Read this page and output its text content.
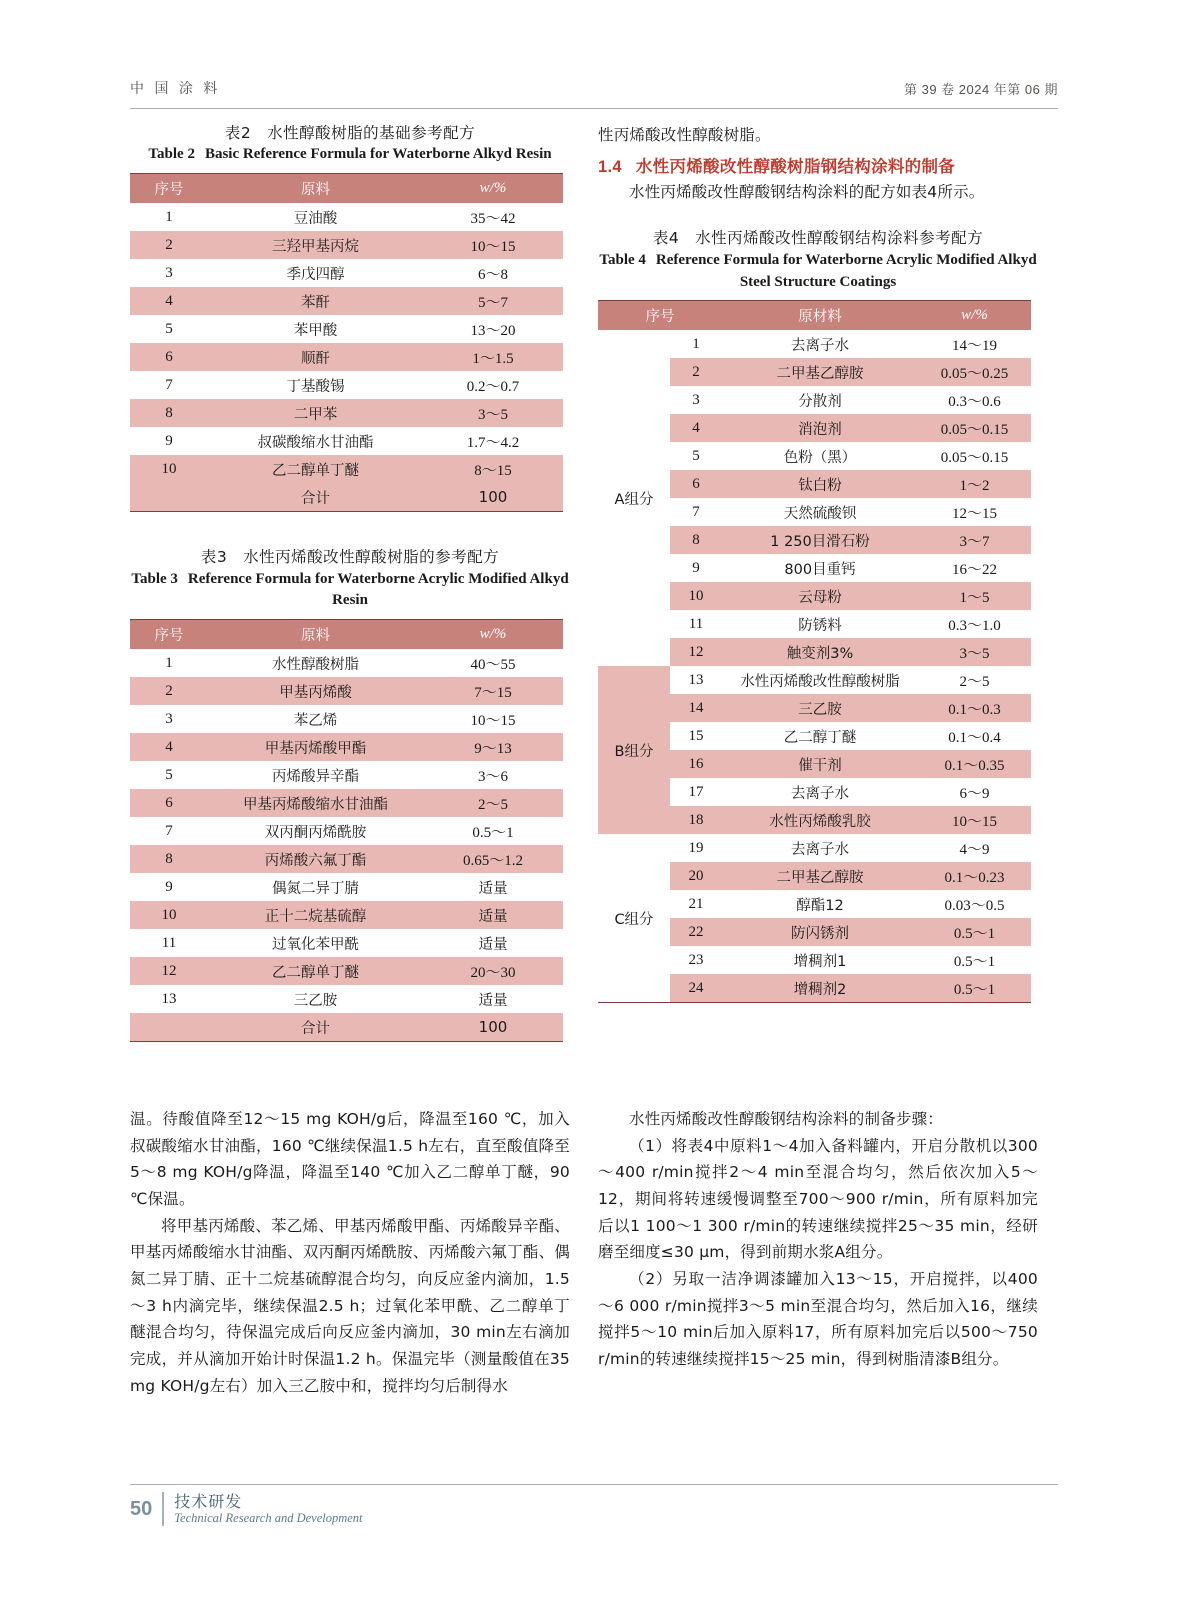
中 国 涂 料	第 39 卷 2024 年第 06 期
表2　水性醇酸树脂的基础参考配方
Table 2 Basic Reference Formula for Waterborne Alkyd Resin
序号	原料	w/%
1	豆油酸	35～42
2	三羟甲基丙烷	10～15
3	季戊四醇	6～8
4	苯酐	5～7
5	苯甲酸	13～20
6	顺酐	1～1.5
7	丁基酸锡	0.2～0.7
8	二甲苯	3～5
9	叔碳酸缩水甘油酯	1.7～4.2
10	乙二醇单丁醚	8～15
	合计	100
表3　水性丙烯酸改性醇酸树脂的参考配方
Table 3 Reference Formula for Waterborne Acrylic Modified Alkyd Resin
序号	原料	w/%
1	水性醇酸树脂	40～55
2	甲基丙烯酸	7～15
3	苯乙烯	10～15
4	甲基丙烯酸甲酯	9～13
5	丙烯酸异辛酯	3～6
6	甲基丙烯酸缩水甘油酯	2～5
7	双丙酮丙烯酰胺	0.5～1
8	丙烯酸六氟丁酯	0.65～1.2
9	偶氮二异丁腈	适量
10	正十二烷基硫醇	适量
11	过氧化苯甲酰	适量
12	乙二醇单丁醚	20～30
13	三乙胺	适量
	合计	100
性丙烯酸改性醇酸树脂。
1.4 水性丙烯酸改性醇酸树脂钢结构涂料的制备
水性丙烯酸改性醇酸钢结构涂料的配方如表4所示。
表4　水性丙烯酸改性醇酸钢结构涂料参考配方
Table 4 Reference Formula for Waterborne Acrylic Modified Alkyd Steel Structure Coatings
序号		原材料	w/%
A组分	1	去离子水	14～19
	2	二甲基乙醇胺	0.05～0.25
	3	分散剂	0.3～0.6
	4	消泡剂	0.05～0.15
	5	色粉（黑）	0.05～0.15
	6	钛白粉	1～2
	7	天然硫酸钡	12～15
	8	1 250目滑石粉	3～7
	9	800目重钙	16～22
	10	云母粉	1～5
	11	防锈料	0.3～1.0
	12	触变剂3%	3～5
B组分	13	水性丙烯酸改性醇酸树脂	2～5
	14	三乙胺	0.1～0.3
	15	乙二醇丁醚	0.1～0.4
	16	催干剂	0.1～0.35
	17	去离子水	6～9
	18	水性丙烯酸乳胶	10～15
C组分	19	去离子水	4～9
	20	二甲基乙醇胺	0.1～0.23
	21	醇酯12	0.03～0.5
	22	防闪锈剂	0.5～1
	23	增稠剂1	0.5～1
	24	增稠剂2	0.5～1
温。待酸值降至12～15 mg KOH/g后，降温至160 ℃，加入叔碳酸缩水甘油酯，160 ℃继续保温1.5 h左右，直至酸值降至5～8 mg KOH/g降温，降温至140 ℃加入乙二醇单丁醚，90 ℃保温。
将甲基丙烯酸、苯乙烯、甲基丙烯酸甲酯、丙烯酸异辛酯、甲基丙烯酸缩水甘油酯、双丙酮丙烯酰胺、丙烯酸六氟丁酯、偶氮二异丁腈、正十二烷基硫醇混合均匀，向反应釜内滴加，1.5～3 h内滴完毕，继续保温2.5 h；过氧化苯甲酰、乙二醇单丁醚混合均匀，待保温完成后向反应釜内滴加，30 min左右滴加完成，并从滴加开始计时保温1.2 h。保温完毕（测量酸值在35 mg KOH/g左右）加入三乙胺中和，搅拌均匀后制得水
水性丙烯酸改性醇酸钢结构涂料的制备步骤：
（1）将表4中原料1～4加入备料罐内，开启分散机以300～400 r/min搅拌2～4 min至混合均匀，然后依次加入5～12，期间将转速缓慢调整至700～900 r/min，所有原料加完后以1 100～1 300 r/min的转速继续搅拌25～35 min，经研磨至细度≤30 μm，得到前期水浆A组分。
（2）另取一洁净调漆罐加入13～15，开启搅拌，以400～6 000 r/min搅拌3～5 min至混合均匀，然后加入16，继续搅拌5～10 min后加入原料17，所有原料加完后以500～750 r/min的转速继续搅拌15～25 min，得到树脂清漆B组分。
50 技术研发
Technical Research and Development
